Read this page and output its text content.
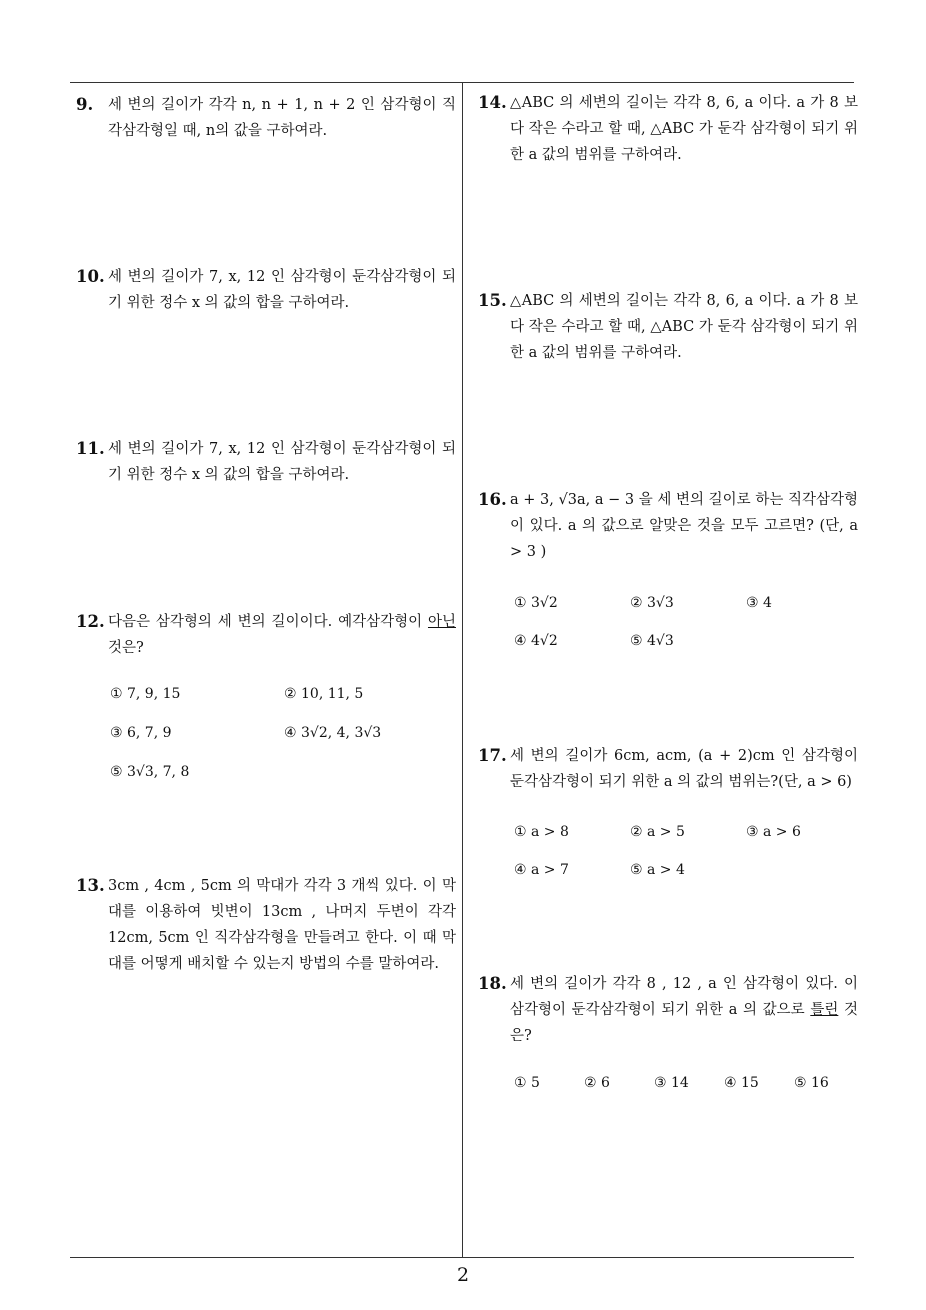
9. 세 변의 길이가 각각 n, n + 1, n + 2 인 삼각형이 직각삼각형일 때, n의 값을 구하여라.
10. 세 변의 길이가 7, x, 12 인 삼각형이 둔각삼각형이 되기 위한 정수 x 의 값의 합을 구하여라.
11. 세 변의 길이가 7, x, 12 인 삼각형이 둔각삼각형이 되기 위한 정수 x 의 값의 합을 구하여라.
12. 다음은 삼각형의 세 변의 길이이다. 예각삼각형이 아닌 것은?
① 7, 9, 15	② 10, 11, 5
③ 6, 7, 9	④ 3√2, 4, 3√3
⑤ 3√3, 7, 8
13. 3cm , 4cm , 5cm 의 막대가 각각 3 개씩 있다. 이 막대를 이용하여 빗변이 13cm , 나머지 두변이 각각 12cm, 5cm 인 직각삼각형을 만들려고 한다. 이 때 막대를 어떻게 배치할 수 있는지 방법의 수를 말하여라.
14. △ABC 의 세변의 길이는 각각 8, 6, a 이다. a 가 8 보다 작은 수라고 할 때, △ABC 가 둔각 삼각형이 되기 위한 a 값의 범위를 구하여라.
15. △ABC 의 세변의 길이는 각각 8, 6, a 이다. a 가 8 보다 작은 수라고 할 때, △ABC 가 둔각 삼각형이 되기 위한 a 값의 범위를 구하여라.
16. a + 3, √3a, a − 3 을 세 변의 길이로 하는 직각삼각형이 있다. a 의 값으로 알맞은 것을 모두 고르면? (단, a > 3 )
① 3√2	② 3√3	③ 4
④ 4√2	⑤ 4√3
17. 세 변의 길이가 6cm, acm, (a + 2)cm 인 삼각형이 둔각삼각형이 되기 위한 a 의 값의 범위는?(단, a > 6)
① a > 8	② a > 5	③ a > 6
④ a > 7	⑤ a > 4
18. 세 변의 길이가 각각 8 , 12 , a 인 삼각형이 있다. 이 삼각형이 둔각삼각형이 되기 위한 a 의 값으로 틀린 것은?
① 5	② 6	③ 14	④ 15	⑤ 16
2
